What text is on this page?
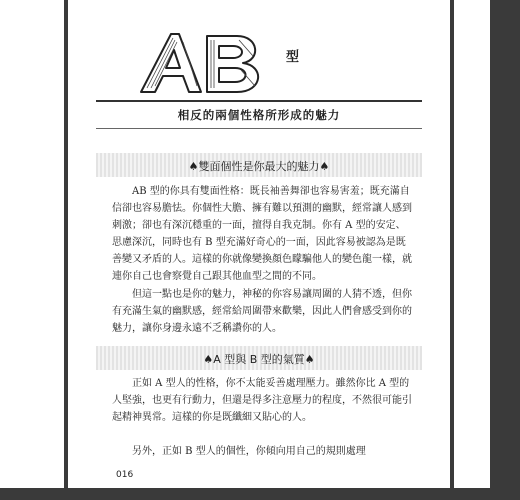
型
相反的兩個性格所形成的魅力
♠雙面個性是你最大的魅力♠

AB 型的你具有雙面性格：既長袖善舞卻也容易害羞；既充滿自信卻也容易膽怯。你個性大膽、擁有難以預測的幽默，經常讓人感到刺激；卻也有深沉穩重的一面，擅得自我克制。你有 A 型的安定、思慮深沉，同時也有 B 型充滿好奇心的一面，因此容易被認為是既善變又矛盾的人。這樣的你就像變換顏色矇騙他人的變色龍一樣，就連你自己也會察覺自己跟其他血型之間的不同。

但這一點也是你的魅力，神秘的你容易讓周圍的人猜不透，但你有充滿生氣的幽默感，經常給周圍帶來歡樂，因此人們會感受到你的魅力，讓你身邊永遠不乏稱讚你的人。

♠A 型與 B 型的氣質♠

正如 A 型人的性格，你不太能妥善處理壓力。雖然你比 A 型的人堅強，也更有行動力，但還是得多注意壓力的程度，不然很可能引起精神異常。這樣的你是既纖細又貼心的人。

另外，正如 B 型人的個性，你傾向用自己的規則處理

016
